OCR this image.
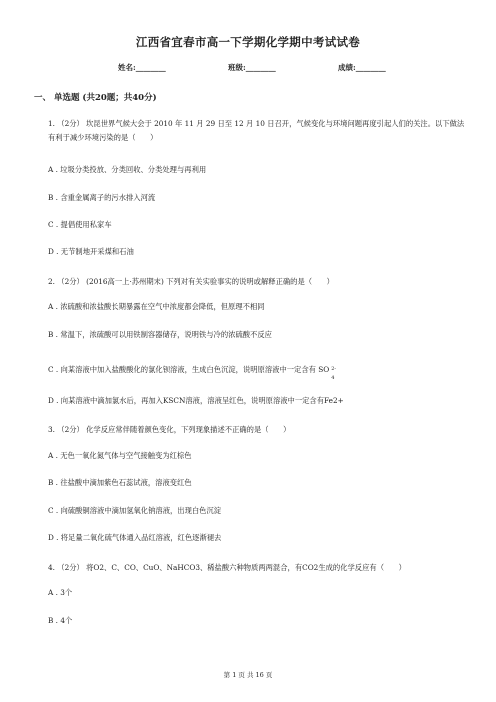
江西省宜春市高一下学期化学期中考试试卷
姓名:________	班级:________	成绩:________
一、 单选题 (共20题；共40分)
1. （2分） 坎昆世界气候大会于 2010 年 11 月 29 日至 12 月 10 日召开，气候变化与环境问题再度引起人们的关注。以下做法有利于减少环境污染的是（　　）
A . 垃圾分类投放、分类回收、分类处理与再利用
B . 含重金属离子的污水排入河流
C . 提倡使用私家车
D . 无节制地开采煤和石油
2. （2分） (2016高一上·苏州期末) 下列对有关实验事实的说明或解释正确的是（　　）
A . 浓硫酸和浓盐酸长期暴露在空气中浓度都会降低，但原理不相同
B . 常温下，浓硫酸可以用铁制容器储存，说明铁与冷的浓硫酸不反应
C . 向某溶液中加入盐酸酸化的氯化钡溶液，生成白色沉淀，说明原溶液中一定含有 SO 2-
4
D . 向某溶液中滴加氯水后，再加入KSCN溶液，溶液呈红色，说明原溶液中一定含有Fe2+
3. （2分） 化学反应常伴随着颜色变化，下列现象描述不正确的是（　　）
A . 无色一氧化氮气体与空气接触变为红棕色
B . 往盐酸中滴加紫色石蕊试液，溶液变红色
C . 向硫酸铜溶液中滴加氢氧化钠溶液，出现白色沉淀
D . 将足量二氧化硫气体通入品红溶液，红色逐渐褪去
4. （2分） 将O2、C、CO、CuO、NaHCO3、稀盐酸六种物质两两混合，有CO2生成的化学反应有（　　）
A . 3个
B . 4个
第 1 页 共 16 页
